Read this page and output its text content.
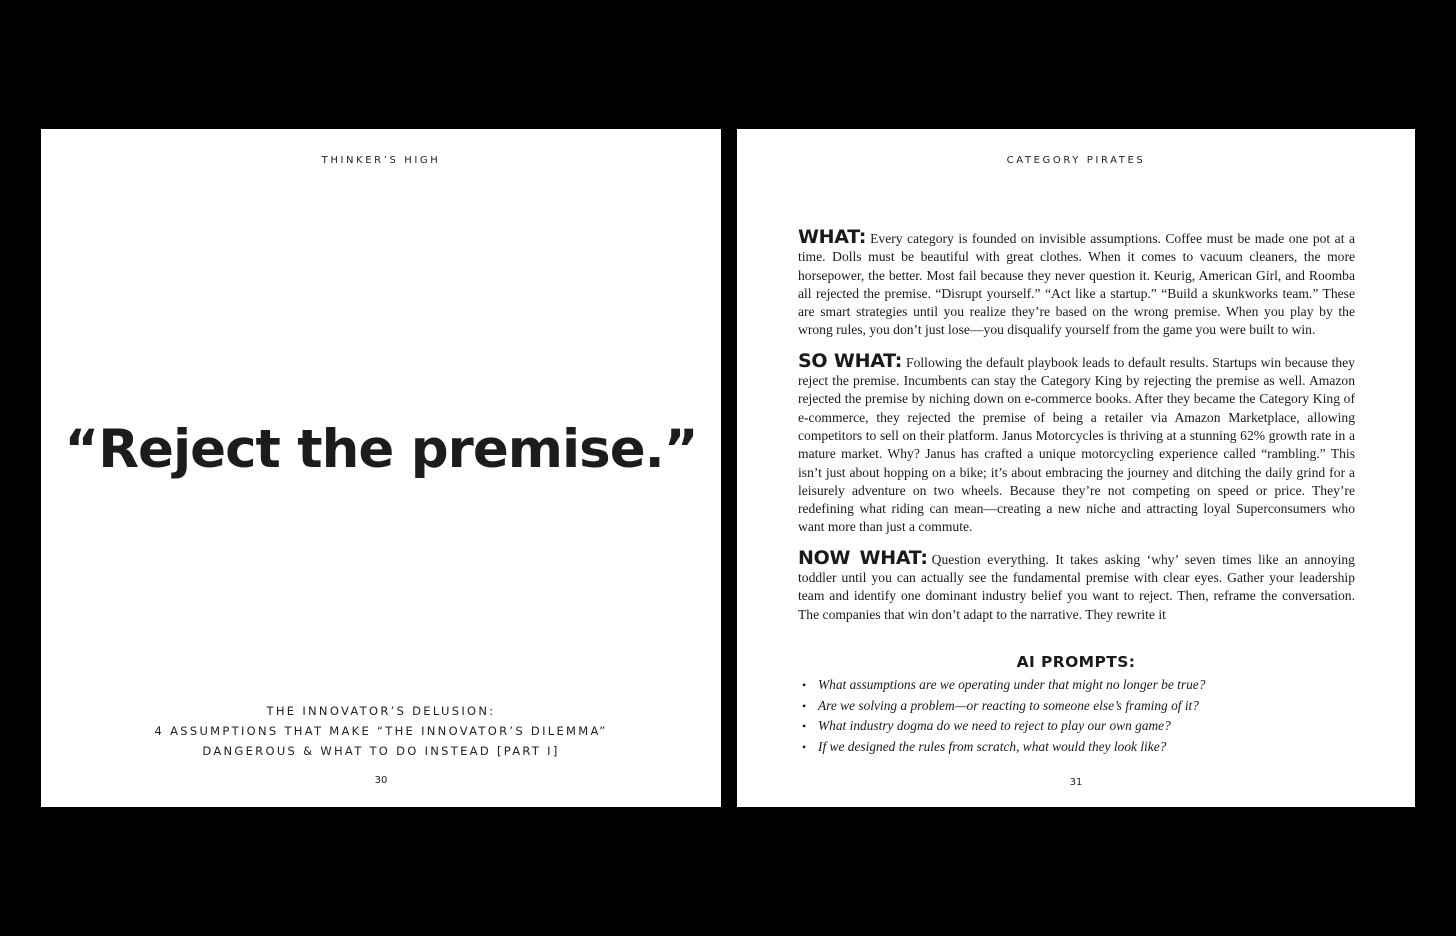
THINKER’S HIGH
“Reject the premise.”
THE INNOVATOR’S DELUSION:
4 ASSUMPTIONS THAT MAKE “THE INNOVATOR’S DILEMMA”
DANGEROUS & WHAT TO DO INSTEAD [PART I]
30
CATEGORY PIRATES

WHAT: Every category is founded on invisible assumptions. Coffee must be made one pot at a time. Dolls must be beautiful with great clothes. When it comes to vacuum cleaners, the more horsepower, the better. Most fail because they never question it. Keurig, American Girl, and Roomba all rejected the premise. “Disrupt yourself.” “Act like a startup.” “Build a skunkworks team.” These are smart strategies until you realize they’re based on the wrong premise. When you play by the wrong rules, you don’t just lose—you disqualify yourself from the game you were built to win.

SO WHAT: Following the default playbook leads to default results. Startups win because they reject the premise. Incumbents can stay the Category King by rejecting the premise as well. Amazon rejected the premise by niching down on e-commerce books. After they became the Category King of e-commerce, they rejected the premise of being a retailer via Amazon Marketplace, allowing competitors to sell on their platform. Janus Motorcycles is thriving at a stunning 62% growth rate in a mature market. Why? Janus has crafted a unique motorcycling experience called “rambling.” This isn’t just about hopping on a bike; it’s about embracing the journey and ditching the daily grind for a leisurely adventure on two wheels. Because they’re not competing on speed or price. They’re redefining what riding can mean—creating a new niche and attracting loyal Superconsumers who want more than just a commute.

NOW WHAT: Question everything. It takes asking ‘why’ seven times like an annoying toddler until you can actually see the fundamental premise with clear eyes. Gather your leadership team and identify one dominant industry belief you want to reject. Then, reframe the conversation. The companies that win don’t adapt to the narrative. They rewrite it

AI PROMPTS:
• What assumptions are we operating under that might no longer be true?
• Are we solving a problem—or reacting to someone else’s framing of it?
• What industry dogma do we need to reject to play our own game?
• If we designed the rules from scratch, what would they look like?
31
